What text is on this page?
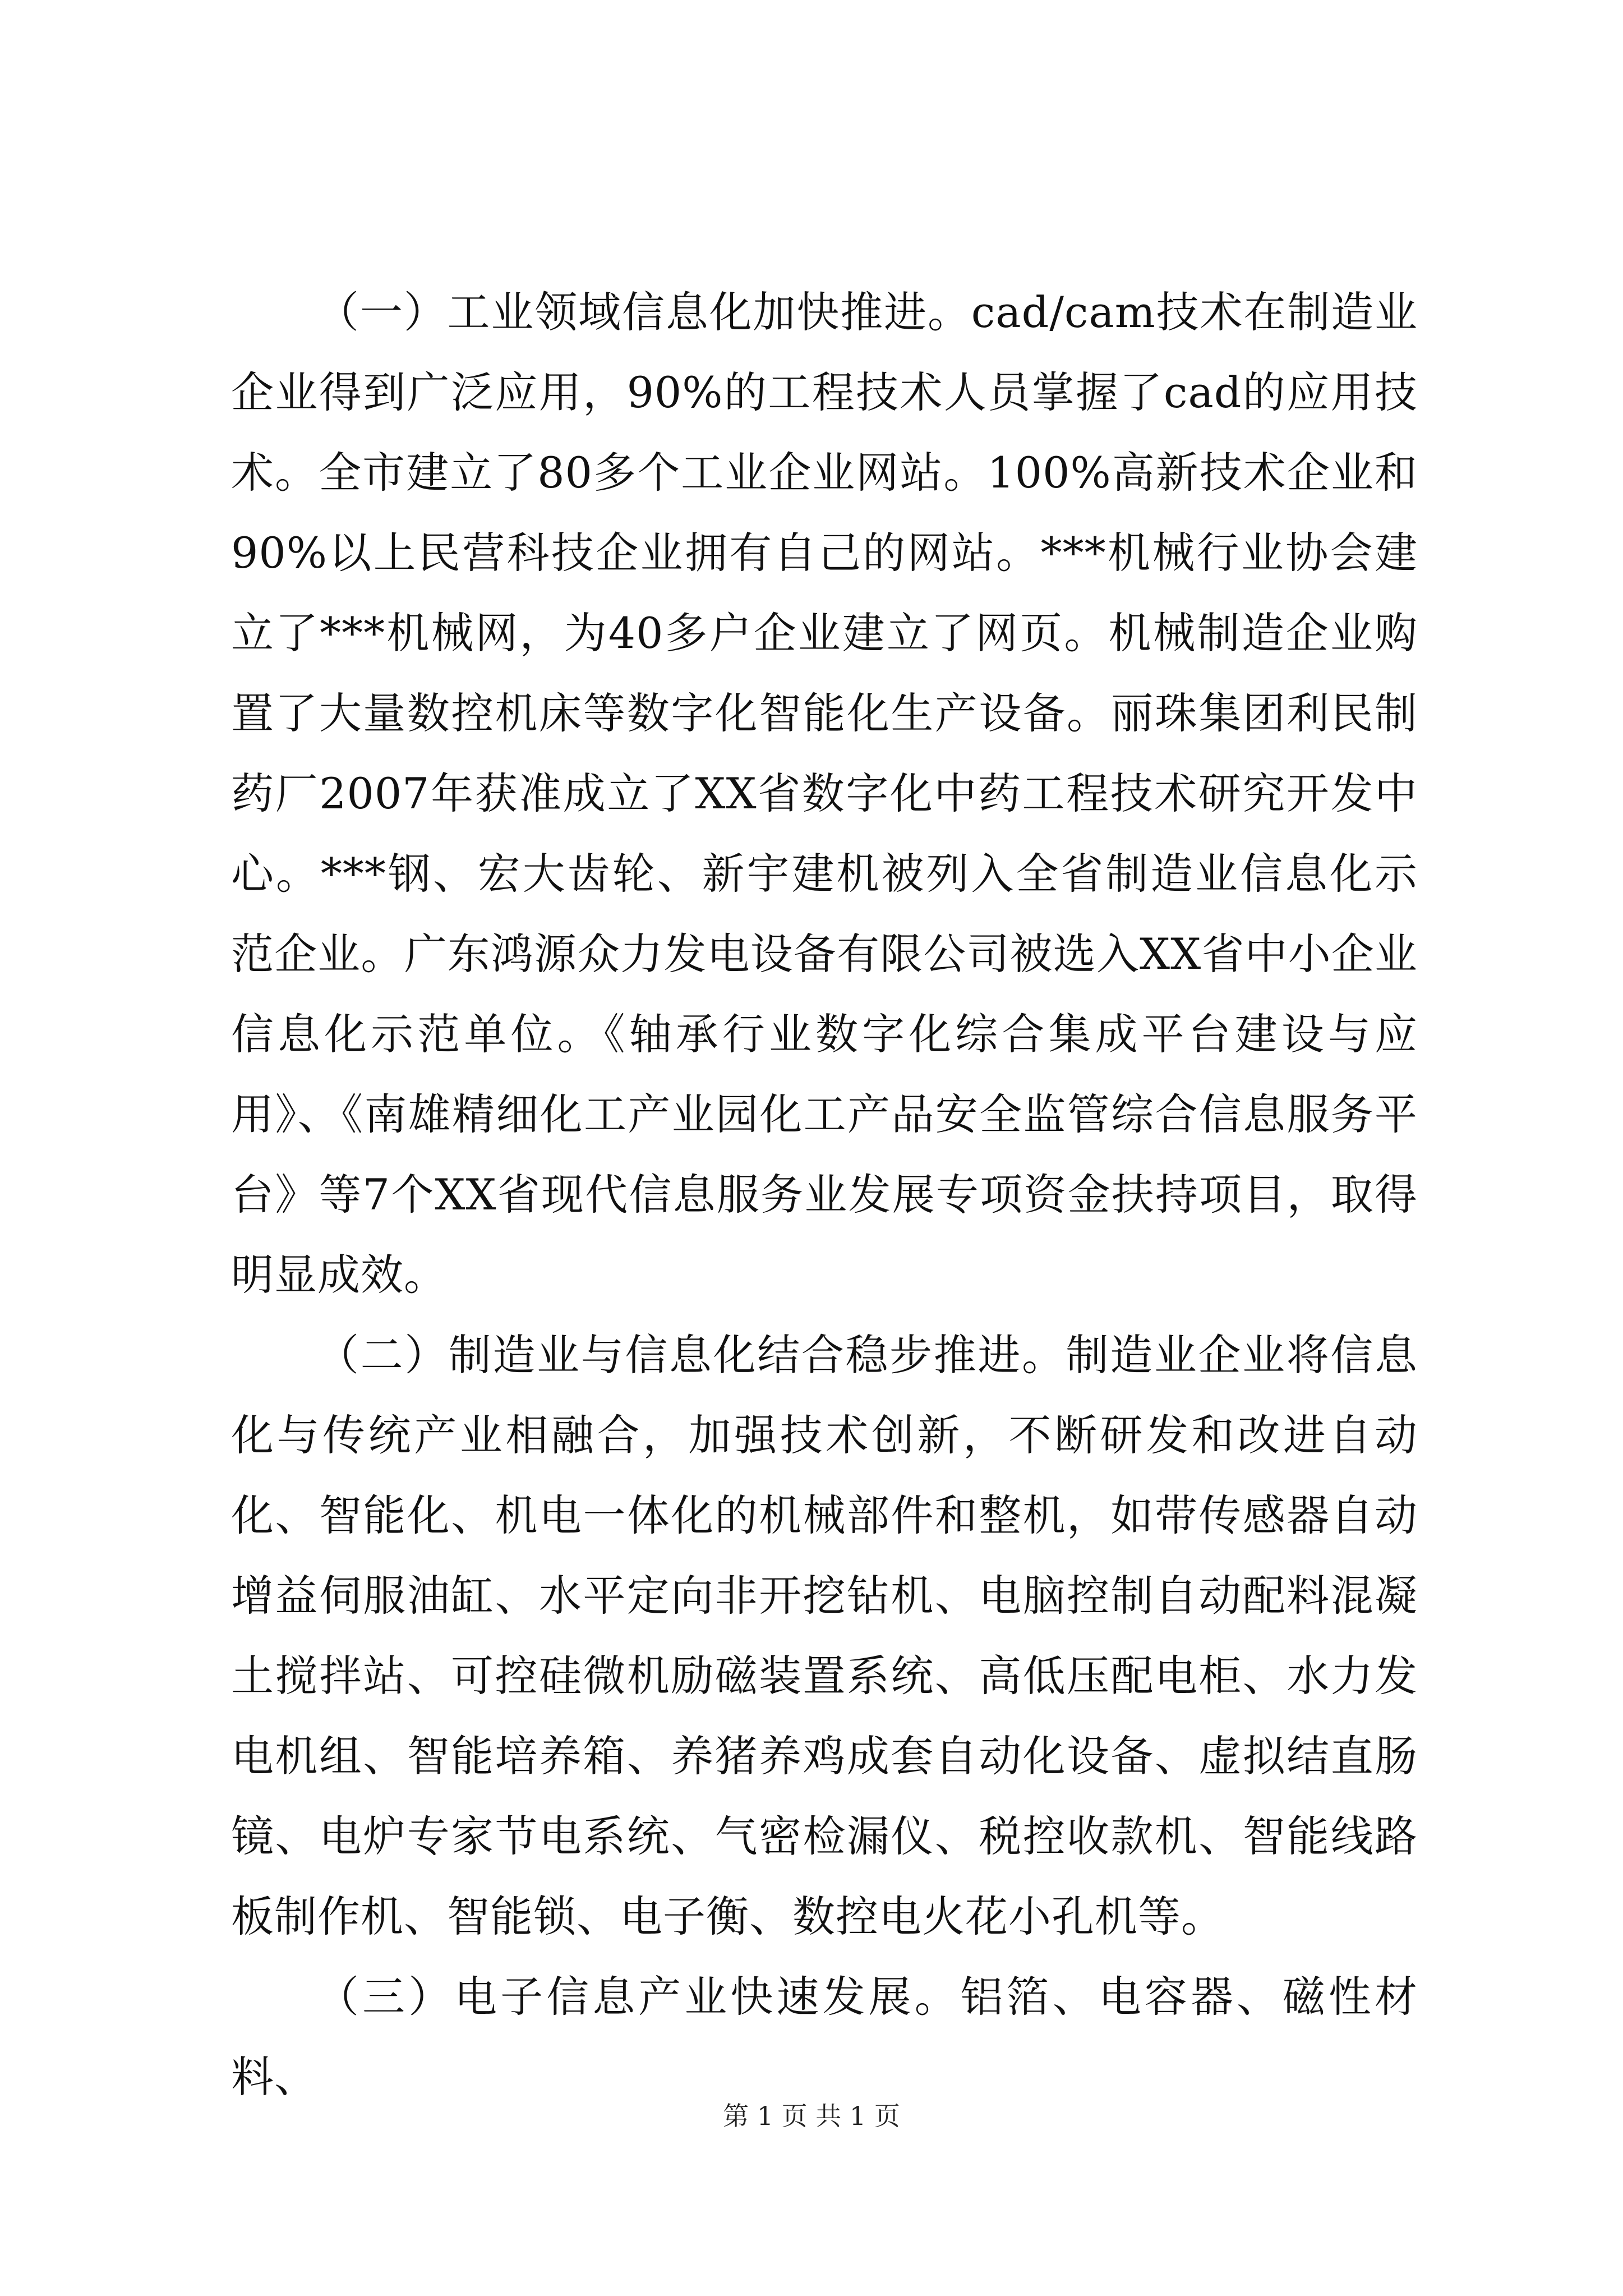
（一）工业领域信息化加快推进。cad/cam技术在制造业企业得到广泛应用，90%的工程技术人员掌握了cad的应用技术。全市建立了80多个工业企业网站。100%高新技术企业和90%以上民营科技企业拥有自己的网站。***机械行业协会建立了***机械网，为40多户企业建立了网页。机械制造企业购置了大量数控机床等数字化智能化生产设备。丽珠集团利民制药厂2007年获准成立了XX省数字化中药工程技术研究开发中心。***钢、宏大齿轮、新宇建机被列入全省制造业信息化示范企业。广东鸿源众力发电设备有限公司被选入XX省中小企业信息化示范单位。《轴承行业数字化综合集成平台建设与应用》、《南雄精细化工产业园化工产品安全监管综合信息服务平台》等7个XX省现代信息服务业发展专项资金扶持项目，取得明显成效。

（二）制造业与信息化结合稳步推进。制造业企业将信息化与传统产业相融合，加强技术创新，不断研发和改进自动化、智能化、机电一体化的机械部件和整机，如带传感器自动增益伺服油缸、水平定向非开挖钻机、电脑控制自动配料混凝土搅拌站、可控硅微机励磁装置系统、高低压配电柜、水力发电机组、智能培养箱、养猪养鸡成套自动化设备、虚拟结直肠镜、电炉专家节电系统、气密检漏仪、税控收款机、智能线路板制作机、智能锁、电子衡、数控电火花小孔机等。

（三）电子信息产业快速发展。铝箔、电容器、磁性材料、

第 1 页 共 1 页
